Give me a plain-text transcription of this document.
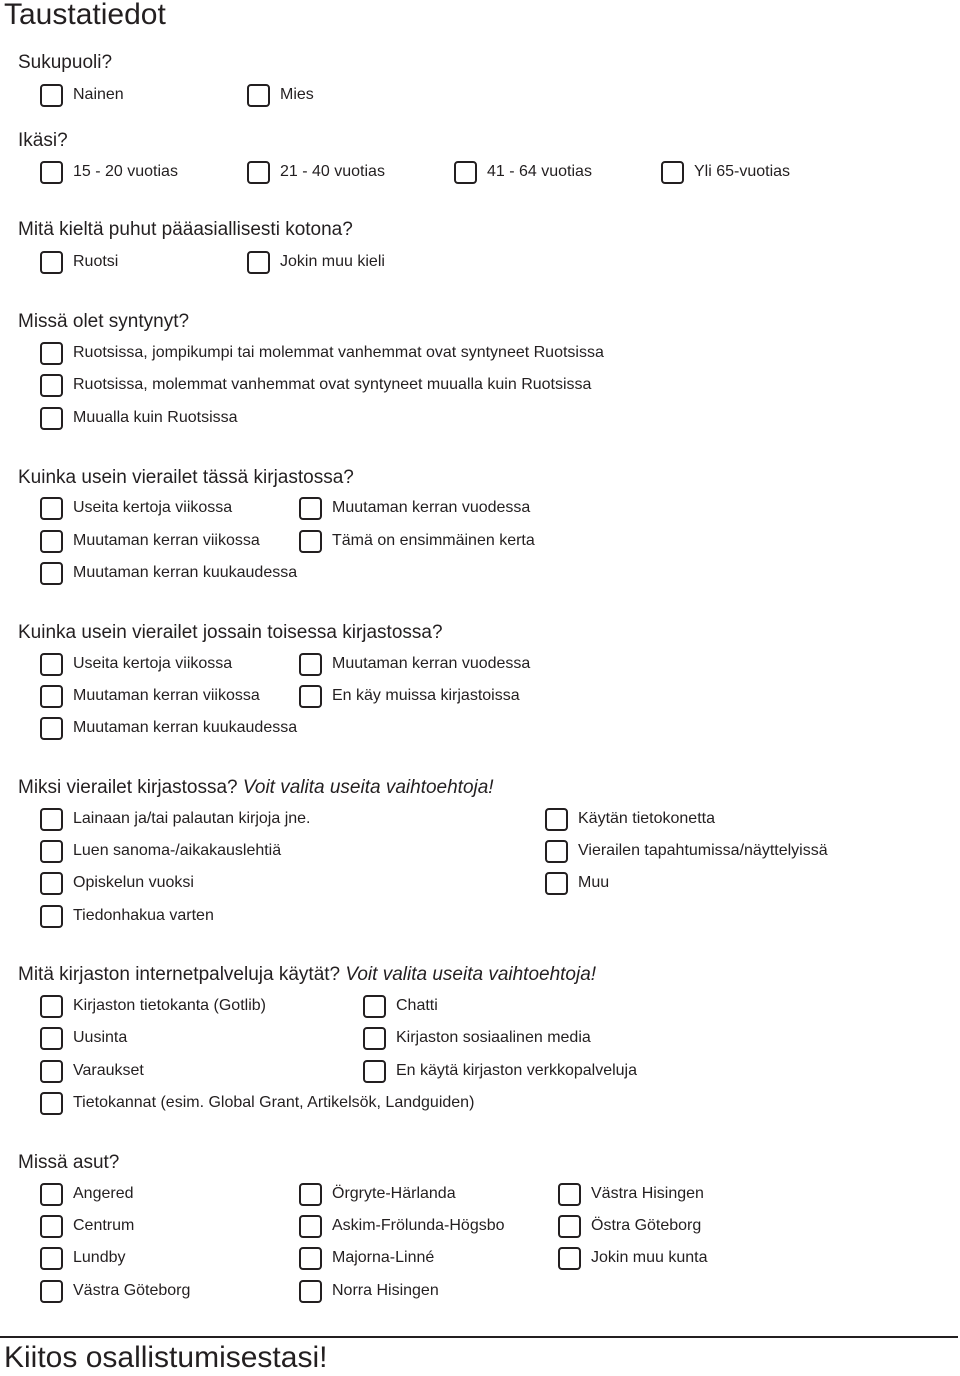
Taustatiedot
Sukupuoli?
Nainen	Mies
Ikäsi?
15 - 20 vuotias	21 - 40 vuotias	41 - 64 vuotias	Yli 65-vuotias
Mitä kieltä puhut pääasiallisesti kotona?
Ruotsi	Jokin muu kieli
Missä olet syntynyt?
Ruotsissa, jompikumpi tai molemmat vanhemmat ovat syntyneet Ruotsissa
Ruotsissa, molemmat vanhemmat ovat syntyneet muualla kuin Ruotsissa
Muualla kuin Ruotsissa
Kuinka usein vierailet tässä kirjastossa?
Useita kertoja viikossa	Muutaman kerran vuodessa
Muutaman kerran viikossa	Tämä on ensimmäinen kerta
Muutaman kerran kuukaudessa
Kuinka usein vierailet jossain toisessa kirjastossa?
Useita kertoja viikossa	Muutaman kerran vuodessa
Muutaman kerran viikossa	En käy muissa kirjastoissa
Muutaman kerran kuukaudessa
Miksi vierailet kirjastossa? Voit valita useita vaihtoehtoja!
Lainaan ja/tai palautan kirjoja jne.	Käytän tietokonetta
Luen sanoma-/aikakauslehtiä	Vierailen tapahtumissa/näyttelyissä
Opiskelun vuoksi	Muu
Tiedonhakua varten
Mitä kirjaston internetpalveluja käytät? Voit valita useita vaihtoehtoja!
Kirjaston tietokanta (Gotlib)	Chatti
Uusinta	Kirjaston sosiaalinen media
Varaukset	En käytä kirjaston verkkopalveluja
Tietokannat (esim. Global Grant, Artikelsök, Landguiden)
Missä asut?
Angered	Örgryte-Härlanda	Västra Hisingen
Centrum	Askim-Frölunda-Högsbo	Östra Göteborg
Lundby	Majorna-Linné	Jokin muu kunta
Västra Göteborg	Norra Hisingen
Kiitos osallistumisestasi!
